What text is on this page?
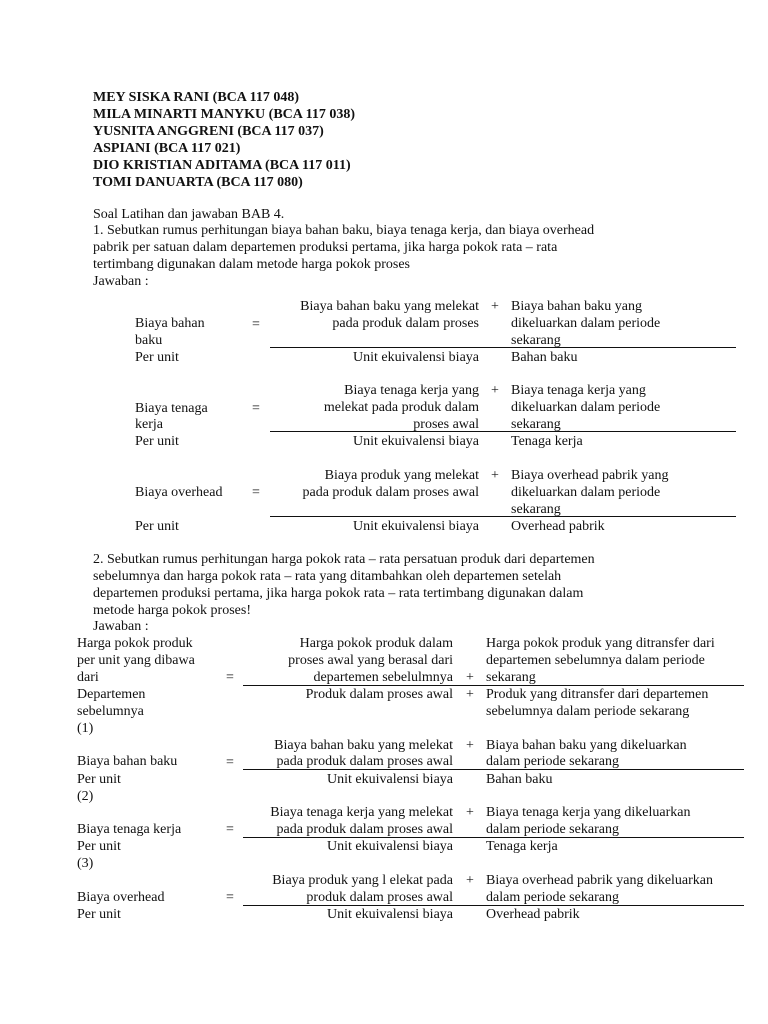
MEY SISKA RANI (BCA 117 048)
MILA MINARTI MANYKU (BCA 117 038)
YUSNITA ANGGRENI (BCA 117 037)
ASPIANI (BCA 117 021)
DIO KRISTIAN ADITAMA (BCA 117 011)
TOMI DANUARTA (BCA 117 080)
Soal Latihan dan jawaban BAB 4.
1. Sebutkan rumus perhitungan biaya bahan baku, biaya tenaga kerja, dan biaya overhead
pabrik per satuan dalam departemen produksi pertama, jika harga pokok rata – rata
tertimbang digunakan dalam metode harga pokok proses
Jawaban :
Biaya bahan
baku
Per unit
=
Biaya bahan baku yang melekat
pada produk dalam proses
+ Biaya bahan baku yang
dikeluarkan dalam periode
sekarang
Unit ekuivalensi biaya Bahan baku
Biaya tenaga
kerja
Per unit
=
Biaya tenaga kerja yang
melekat pada produk dalam
proses awal
+ Biaya tenaga kerja yang
dikeluarkan dalam periode
sekarang
Unit ekuivalensi biaya Tenaga kerja
Biaya overhead
Per unit
=
Biaya produk yang melekat
pada produk dalam proses awal
+ Biaya overhead pabrik yang
dikeluarkan dalam periode
sekarang
Unit ekuivalensi biaya Overhead pabrik
2. Sebutkan rumus perhitungan harga pokok rata – rata persatuan produk dari departemen
sebelumnya dan harga pokok rata – rata yang ditambahkan oleh departemen setelah
departemen produksi pertama, jika harga pokok rata – rata tertimbang digunakan dalam
metode harga pokok proses!
Jawaban :
Harga pokok produk
per unit yang dibawa
dari
Departemen
sebelumnya
=
Harga pokok produk dalam
proses awal yang berasal dari
departemen sebelulmnya +
Harga pokok produk yang ditransfer dari
departemen sebelumnya dalam periode
sekarang
Produk dalam proses awal + Produk yang ditransfer dari departemen
sebelumnya dalam periode sekarang
(1)
Biaya bahan baku
Per unit
=
Biaya bahan baku yang melekat
pada produk dalam proses awal
+ Biaya bahan baku yang dikeluarkan
dalam periode sekarang
Unit ekuivalensi biaya Bahan baku
(2)
Biaya tenaga kerja
Per unit
=
Biaya tenaga kerja yang melekat
pada produk dalam proses awal
+ Biaya tenaga kerja yang dikeluarkan
dalam periode sekarang
Unit ekuivalensi biaya Tenaga kerja
(3)
Biaya overhead
Per unit
=
Biaya produk yang l elekat pada
produk dalam proses awal
+ Biaya overhead pabrik yang dikeluarkan
dalam periode sekarang
Unit ekuivalensi biaya Overhead pabrik
